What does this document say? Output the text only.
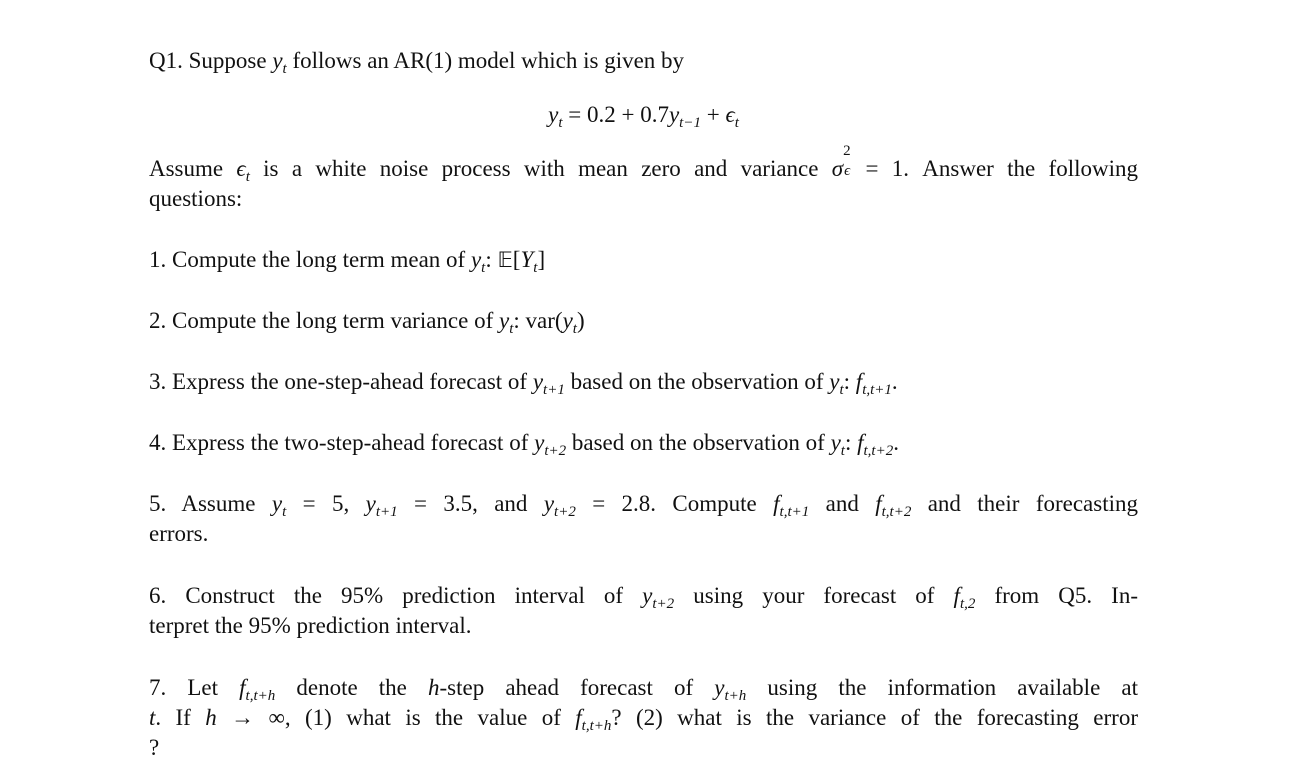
Q1. Suppose $y_t$ follows an AR(1) model which is given by
$y_t = 0.2 + 0.7y_{t-1} + \epsilon_t$
Assume $\epsilon_t$ is a white noise process with mean zero and variance σ
2
ϵ = 1. Answer the following
questions:
1. Compute the long term mean of $y_t$: $𝔼[Y_t]$
2. Compute the long term variance of $y_t$: $var(y_t)$
3. Express the one-step-ahead forecast of $y_{t+1}$ based on the observation of $y_t$: $f_{t,t+1}$.
4. Express the two-step-ahead forecast of $y_{t+2}$ based on the observation of $y_t$: $f_{t,t+2}$.
5. Assume $y_t = 5$, $y_{t+1} = 3.5$, and $y_{t+2} = 2.8$. Compute $f_{t,t+1}$ and $f_{t,t+2}$ and their forecasting
errors.
6. Construct the 95% prediction interval of $y_{t+2}$ using your forecast of $f_{t,2}$ from Q5. In-
terpret the 95% prediction interval.
7. Let $f_{t,t+h}$ denote the h-step ahead forecast of $y_{t+h}$ using the information available at
t. If h → ∞, (1) what is the value of $f_{t,t+h}$? (2) what is the variance of the forecasting error
?
